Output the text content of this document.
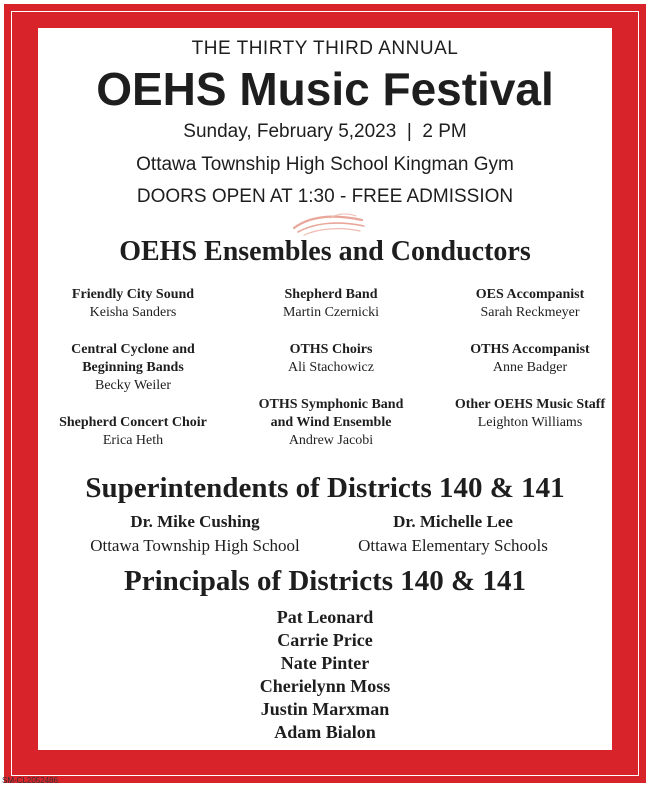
THE THIRTY THIRD ANNUAL
OEHS Music Festival
Sunday, February 5,2023  |  2 PM
Ottawa Township High School Kingman Gym
DOORS OPEN AT 1:30 - FREE ADMISSION
OEHS Ensembles and Conductors
Friendly City Sound
Keisha Sanders
Shepherd Band
Martin Czernicki
OES Accompanist
Sarah Reckmeyer
Central Cyclone and Beginning Bands
Becky Weiler
OTHS Choirs
Ali Stachowicz
OTHS Accompanist
Anne Badger
Shepherd Concert Choir
Erica Heth
OTHS Symphonic Band and Wind Ensemble
Andrew Jacobi
Other OEHS Music Staff
Leighton Williams
Superintendents of Districts 140 & 141
Dr. Mike Cushing
Ottawa Township High School
Dr. Michelle Lee
Ottawa Elementary Schools
Principals of Districts 140 & 141
Pat Leonard
Carrie Price
Nate Pinter
Cherielynn Moss
Justin Marxman
Adam Bialon
SM-CL2052486
